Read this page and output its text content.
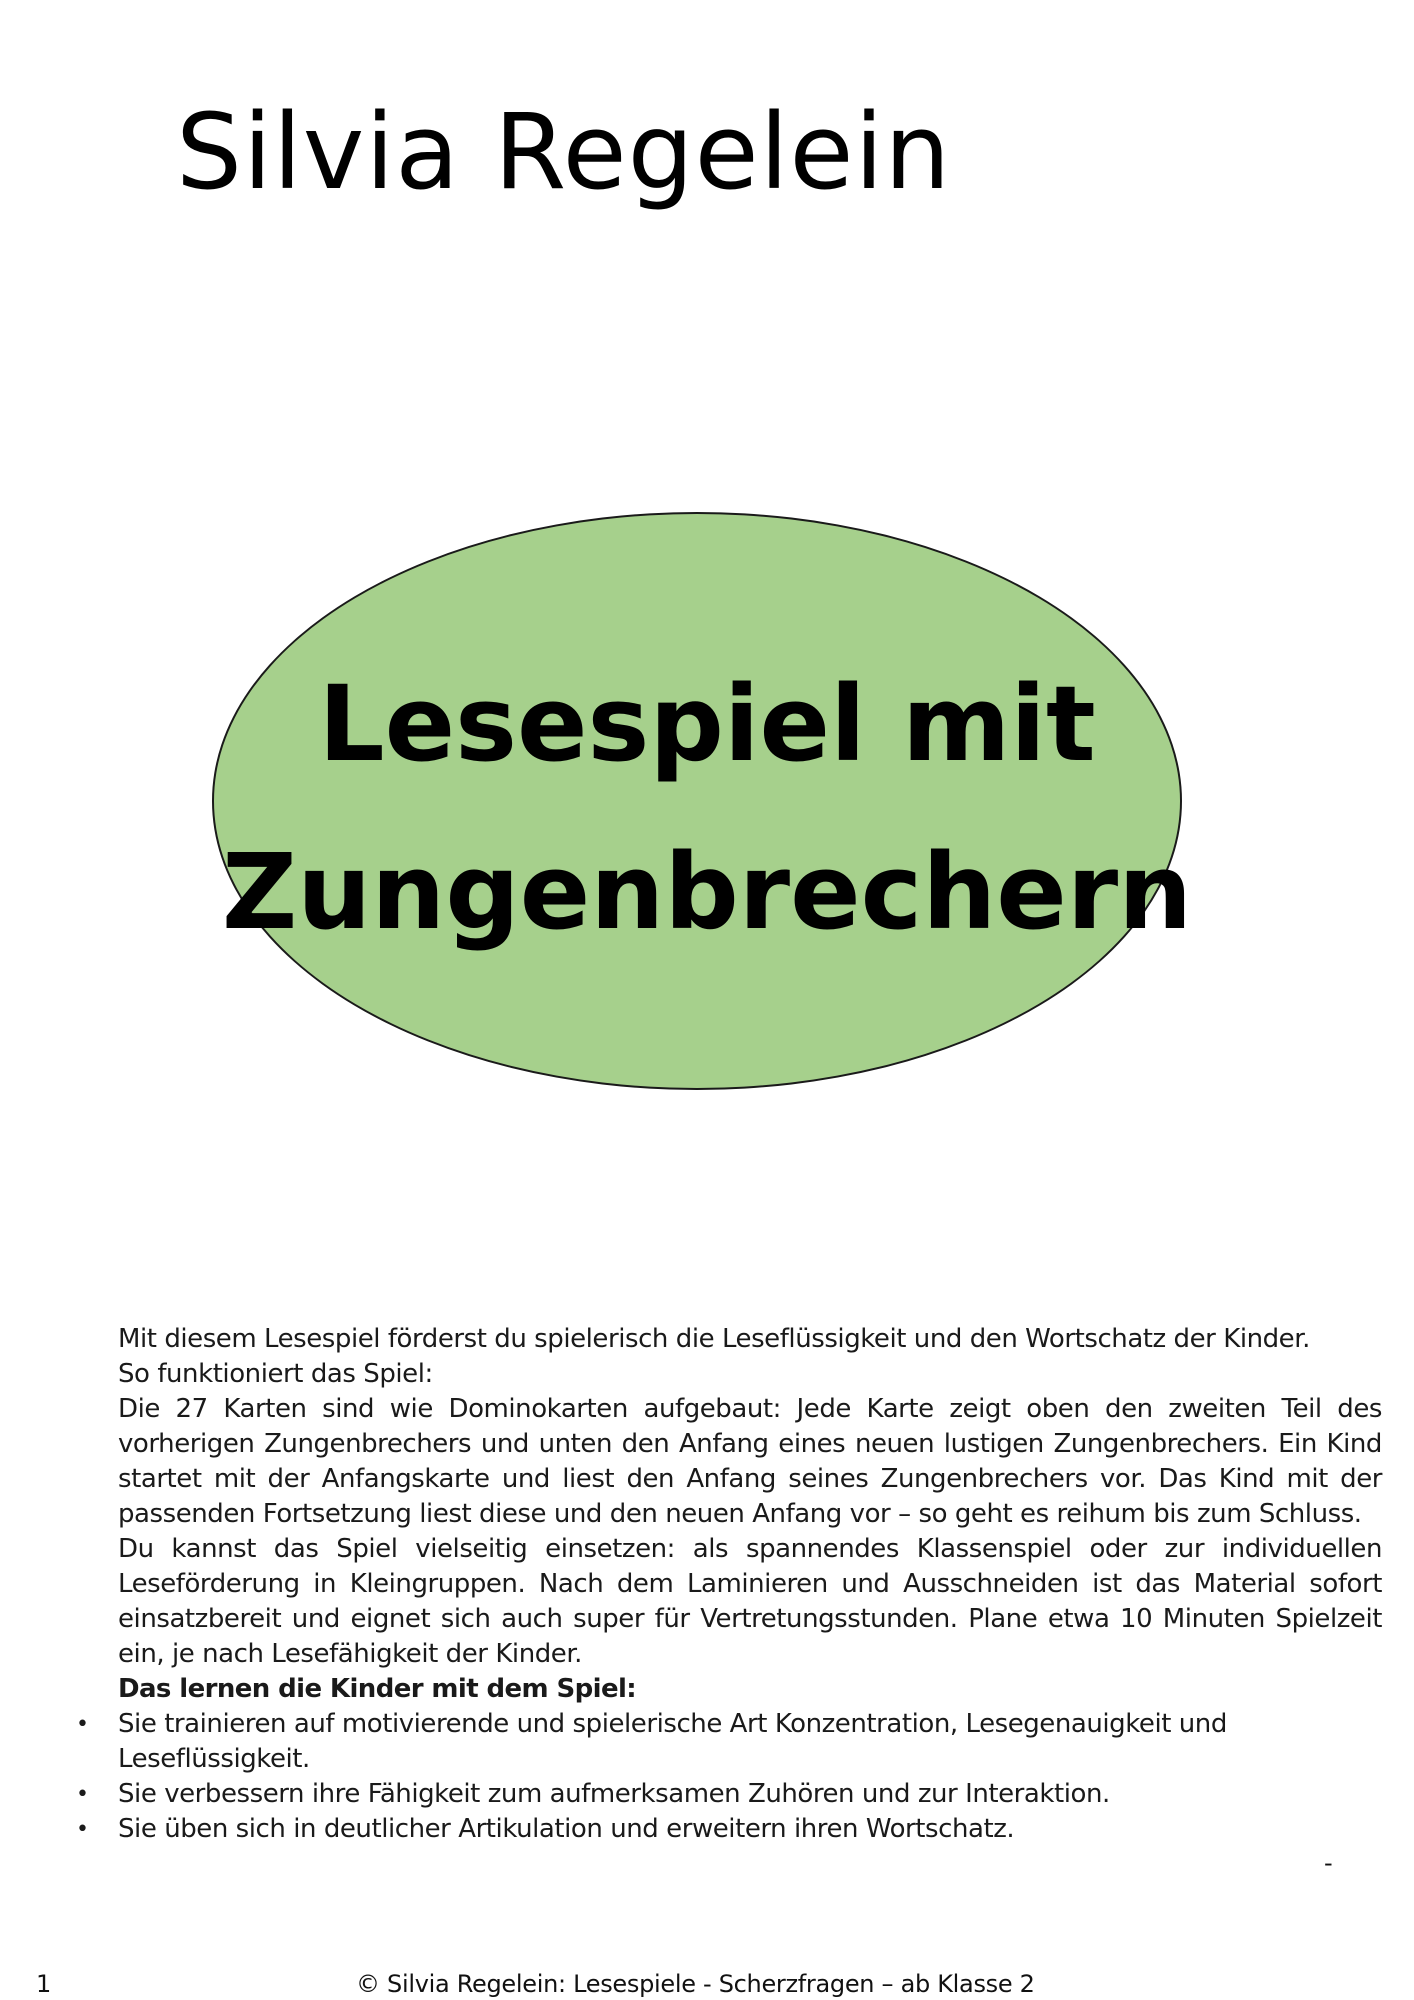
Silvia Regelein
Lesespiel mit
Zungenbrechern

Mit diesem Lesespiel förderst du spielerisch die Leseflüssigkeit und den Wortschatz der Kinder.

So funktioniert das Spiel:

Die 27 Karten sind wie Dominokarten aufgebaut: Jede Karte zeigt oben den zweiten Teil des vorherigen Zungenbrechers und unten den Anfang eines neuen lustigen Zungenbrechers. Ein Kind startet mit der Anfangskarte und liest den Anfang seines Zungenbrechers vor. Das Kind mit der passenden Fortsetzung liest diese und den neuen Anfang vor – so geht es reihum bis zum Schluss.

Du kannst das Spiel vielseitig einsetzen: als spannendes Klassenspiel oder zur individuellen Leseförderung in Kleingruppen. Nach dem Laminieren und Ausschneiden ist das Material sofort einsatzbereit und eignet sich auch super für Vertretungsstunden. Plane etwa 10 Minuten Spielzeit ein, je nach Lesefähigkeit der Kinder.

Das lernen die Kinder mit dem Spiel:

• Sie trainieren auf motivierende und spielerische Art Konzentration, Lesegenauigkeit und Leseflüssigkeit.
• Sie verbessern ihre Fähigkeit zum aufmerksamen Zuhören und zur Interaktion.
• Sie üben sich in deutlicher Artikulation und erweitern ihren Wortschatz.
-
1	© Silvia Regelein: Lesespiele - Scherzfragen – ab Klasse 2
